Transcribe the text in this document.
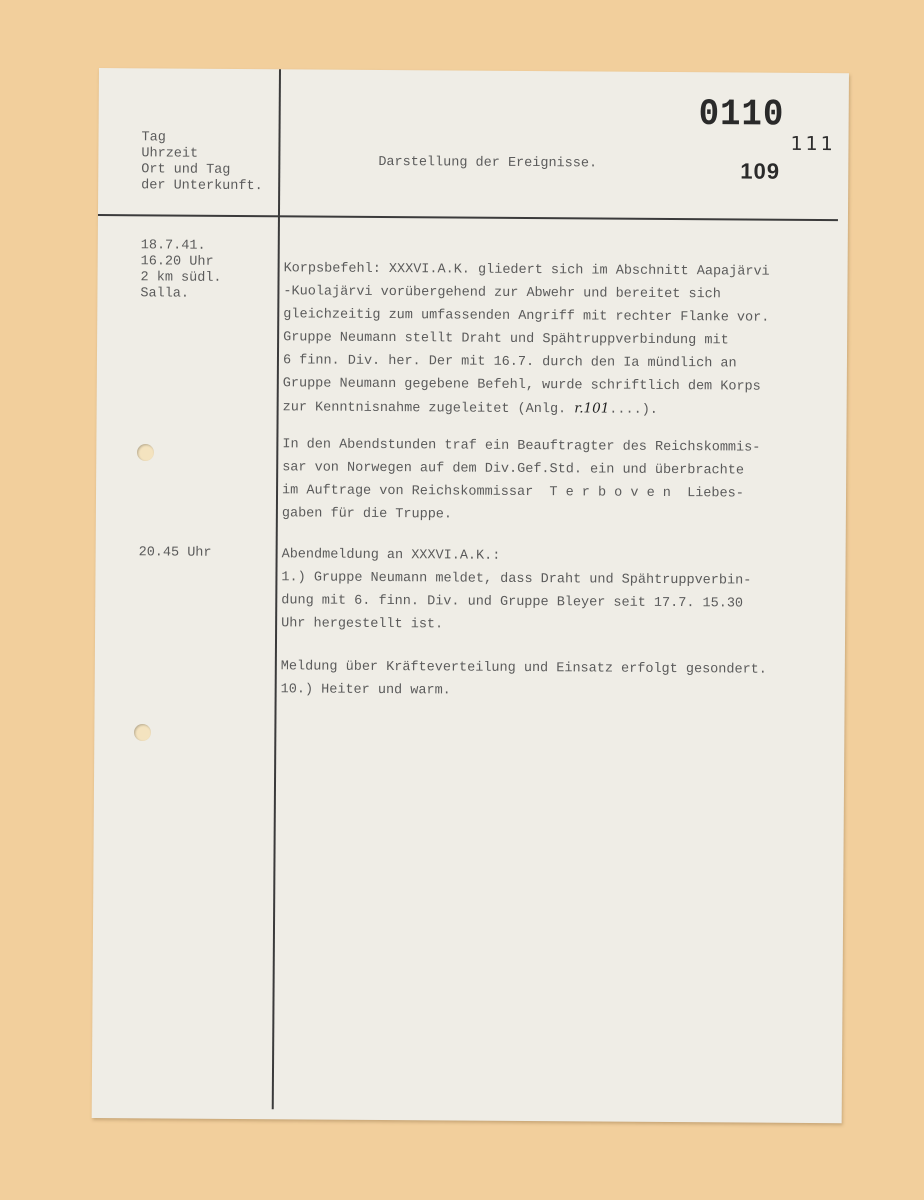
Tag
Uhrzeit
Ort und Tag
der Unterkunft.
Darstellung der Ereignisse.
0110
111
109
18.7.41.
16.20 Uhr
2 km südl.
Salla.
Korpsbefehl: XXXVI.A.K. gliedert sich im Abschnitt Aapajärvi
-Kuolajärvi vorübergehend zur Abwehr und bereitet sich
gleichzeitig zum umfassenden Angriff mit rechter Flanke vor.
Gruppe Neumann stellt Draht und Spähtruppverbindung mit
6 finn. Div. her. Der mit 16.7. durch den Ia mündlich an
Gruppe Neumann gegebene Befehl, wurde schriftlich dem Korps
zur Kenntnisnahme zugeleitet (Anlg. r.101....).
In den Abendstunden traf ein Beauftragter des Reichskommis-
sar von Norwegen auf dem Div.Gef.Std. ein und überbrachte
im Auftrage von Reichskommissar  T e r b o v e n  Liebes-
gaben für die Truppe.
20.45 Uhr	Abendmeldung an XXXVI.A.K.:
1.) Gruppe Neumann meldet, dass Draht und Spähtruppverbin-
dung mit 6. finn. Div. und Gruppe Bleyer seit 17.7. 15.30
Uhr hergestellt ist.
Meldung über Kräfteverteilung und Einsatz erfolgt gesondert.
10.) Heiter und warm.
